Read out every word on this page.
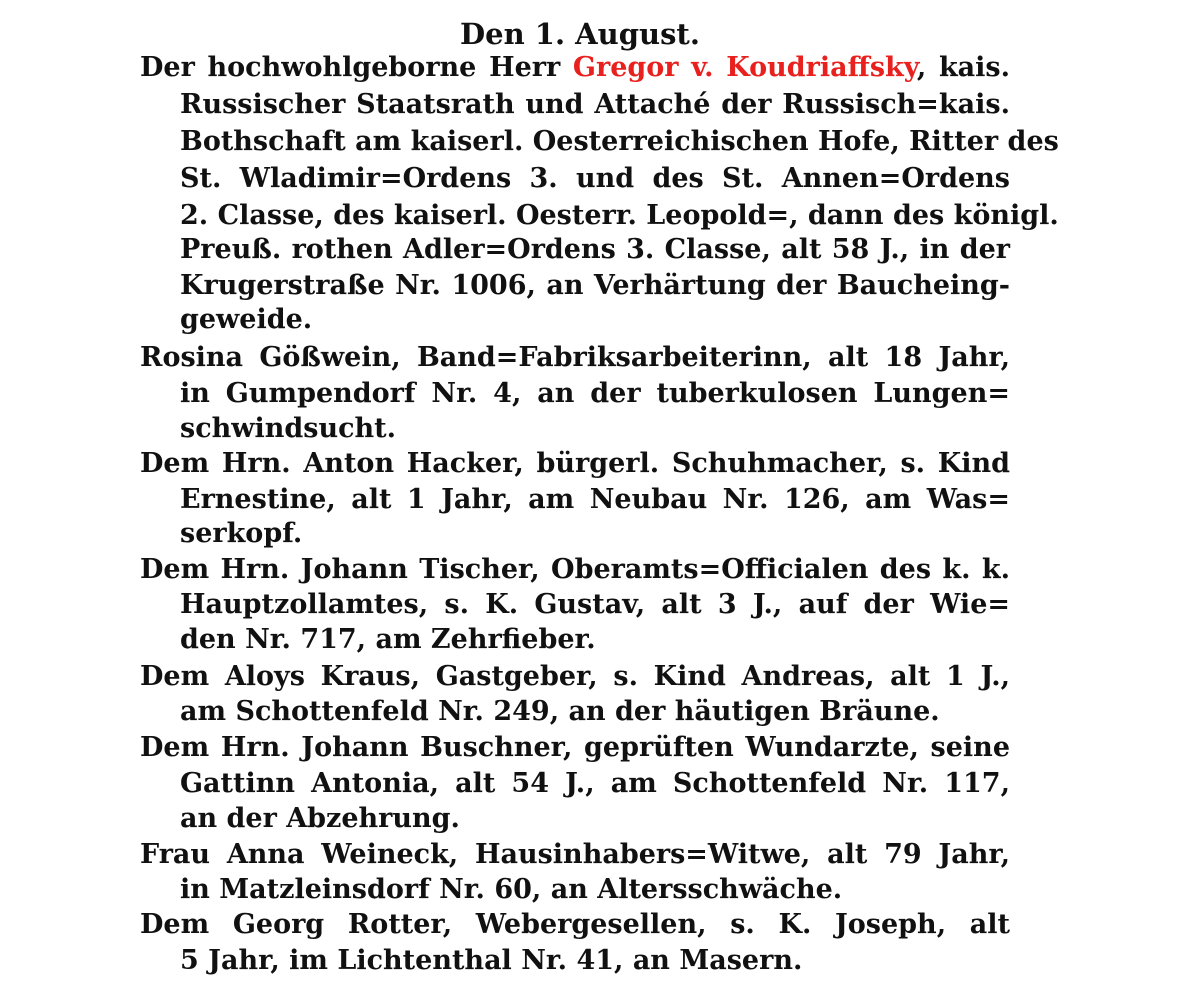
Den 1. August.
Der hochwohlgeborne Herr Gregor v. Koudriaffsky, kais.
Russischer Staatsrath und Attaché der Russisch=kais.
Bothschaft am kaiserl. Oesterreichischen Hofe, Ritter des
St. Wladimir=Ordens 3. und des St. Annen=Ordens
2. Classe, des kaiserl. Oesterr. Leopold=, dann des königl.
Preuß. rothen Adler=Ordens 3. Classe, alt 58 J., in der
Krugerstraße Nr. 1006, an Verhärtung der Baucheing-
geweide.
Rosina Gößwein, Band=Fabriksarbeiterinn, alt 18 Jahr,
in Gumpendorf Nr. 4, an der tuberkulosen Lungen=
schwindsucht.
Dem Hrn. Anton Hacker, bürgerl. Schuhmacher, s. Kind
Ernestine, alt 1 Jahr, am Neubau Nr. 126, am Was=
serkopf.
Dem Hrn. Johann Tischer, Oberamts=Officialen des k. k.
Hauptzollamtes, s. K. Gustav, alt 3 J., auf der Wie=
den Nr. 717, am Zehrfieber.
Dem Aloys Kraus, Gastgeber, s. Kind Andreas, alt 1 J.,
am Schottenfeld Nr. 249, an der häutigen Bräune.
Dem Hrn. Johann Buschner, geprüften Wundarzte, seine
Gattinn Antonia, alt 54 J., am Schottenfeld Nr. 117,
an der Abzehrung.
Frau Anna Weineck, Hausinhabers=Witwe, alt 79 Jahr,
in Matzleinsdorf Nr. 60, an Altersschwäche.
Dem Georg Rotter, Webergesellen, s. K. Joseph, alt
5 Jahr, im Lichtenthal Nr. 41, an Masern.
